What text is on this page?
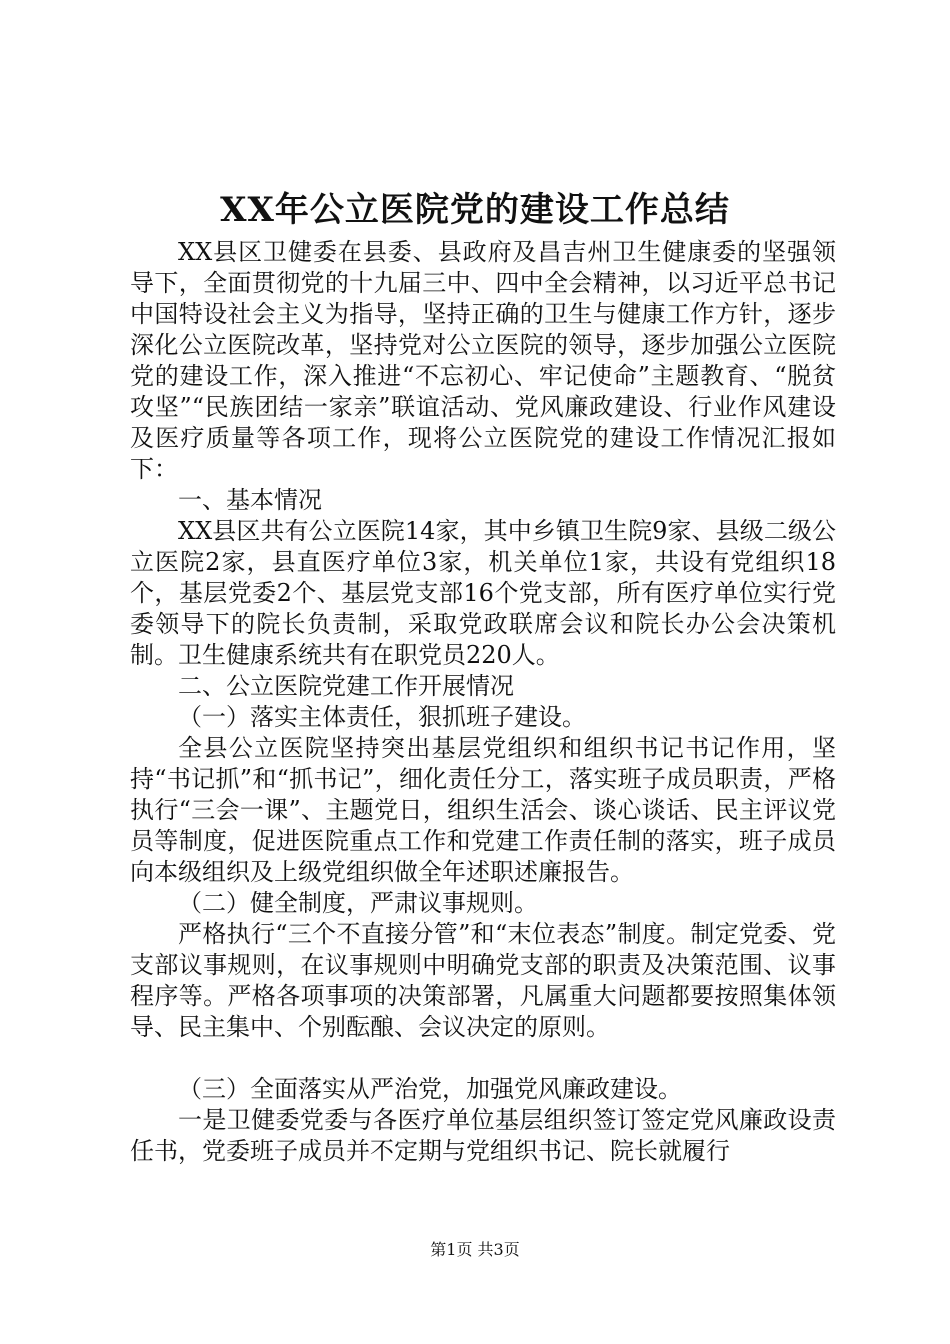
XX年公立医院党的建设工作总结

XX县区卫健委在县委、县政府及昌吉州卫生健康委的坚强领导下，全面贯彻党的十九届三中、四中全会精神，以习近平总书记中国特设社会主义为指导，坚持正确的卫生与健康工作方针，逐步深化公立医院改革，坚持党对公立医院的领导，逐步加强公立医院党的建设工作，深入推进“不忘初心、牢记使命”主题教育、“脱贫攻坚”“民族团结一家亲”联谊活动、党风廉政建设、行业作风建设及医疗质量等各项工作，现将公立医院党的建设工作情况汇报如下：

一、基本情况

XX县区共有公立医院14家，其中乡镇卫生院9家、县级二级公立医院2家，县直医疗单位3家，机关单位1家，共设有党组织18个，基层党委2个、基层党支部16个党支部，所有医疗单位实行党委领导下的院长负责制，采取党政联席会议和院长办公会决策机制。卫生健康系统共有在职党员220人。

二、公立医院党建工作开展情况

（一）落实主体责任，狠抓班子建设。

全县公立医院坚持突出基层党组织和组织书记书记作用，坚持“书记抓”和“抓书记”，细化责任分工，落实班子成员职责，严格执行“三会一课”、主题党日，组织生活会、谈心谈话、民主评议党员等制度，促进医院重点工作和党建工作责任制的落实，班子成员向本级组织及上级党组织做全年述职述廉报告。

（二）健全制度，严肃议事规则。

严格执行“三个不直接分管”和“末位表态”制度。制定党委、党支部议事规则，在议事规则中明确党支部的职责及决策范围、议事程序等。严格各项事项的决策部署，凡属重大问题都要按照集体领导、民主集中、个别酝酿、会议决定的原则。

（三）全面落实从严治党，加强党风廉政建设。

一是卫健委党委与各医疗单位基层组织签订签定党风廉政设责任书，党委班子成员并不定期与党组织书记、院长就履行

第1页 共3页
